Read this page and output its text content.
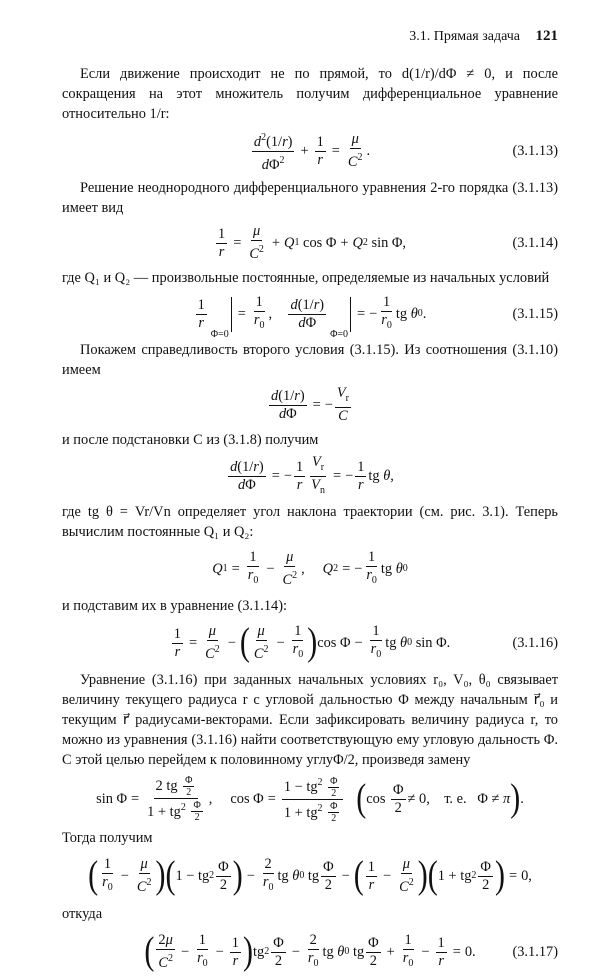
3.1. Прямая задача 121

Если движение происходит не по прямой, то d(1/r)/dΦ ≠ 0, и после сокращения на этот множитель получим дифференциальное уравнение относительно 1/r:

$\frac{d^2(1/r)}{d\Phi^2} + \frac{1}{r} = \frac{\mu}{C^2}$ .	(3.1.13)

Решение неоднородного дифференциального уравнения 2-го порядка (3.1.13) имеет вид

$\frac{1}{r} = \frac{\mu}{C^2} + Q$ 1 cos Φ + Q 2 sin Φ,	(3.1.14)

где Q₁ и Q₂ — произвольные постоянные, определяемые из начальных условий

$\frac{1}{r}$
Φ=0
= $\frac{1}{r_0}$ , $\frac{d(1/r)}{d\Phi}$
Φ=0
= − $\frac{1}{r_0}$ tg θ 0 .	(3.1.15)

Покажем справедливость второго условия (3.1.15). Из соотношения (3.1.10) имеем

$\frac{d(1/r)}{d\Phi}$ = − $\frac{V_r}{C}$

и после подстановки C из (3.1.8) получим

$\frac{d(1/r)}{d\Phi}$ = − $\frac{1}{r} \frac{V_r}{V_n}$ = − $\frac{1}{r}$ tg θ ,

где tg θ = Vr/Vn определяет угол наклона траектории (см. рис. 3.1). Теперь вычислим постоянные Q₁ и Q₂:

Q $1 = \frac{1}{r_0} - \frac{\mu}{C^2}$ , Q 2 = − $\frac{1}{r_0}$ tg θ 0

и подставим их в уравнение (3.1.14):

$\frac{1}{r} = \frac{\mu}{C^2}$ − ( $\frac{\mu}{C^2} - \frac{1}{r_0}$ ) $\cos \Phi - \frac{1}{r_0}$ tg θ 0 sin Φ.	(3.1.16)

Уравнение (3.1.16) при заданных начальных условиях r₀, V₀, θ₀ связывает величину текущего радиуса r с угловой дальностью Φ между начальным r⃗₀ и текущим r⃗ радиусами-векторами. Если зафиксировать величину радиуса r, то можно из уравнения (3.1.16) найти соответствующую ему угловую дальность Φ. С этой целью перейдем к половинному углуΦ/2, произведя замену

$\sin \Phi = \frac{2 tg \frac{\Phi}{2}}{1 + tg^2 \frac{\Phi}{2}}$ ,     $\cos \Phi = \frac{1 - tg^2 \frac{\Phi}{2}}{1 + tg^2 \frac{\Phi}{2}}$
( $\cos \frac{\Phi}{2} \ne 0$,    т. е.   Φ ≠ π ) .

Тогда получим

( $\frac{1}{r_0} - \frac{\mu}{C^2}$ ) ( 1 − tg $2 \frac{\Phi}{2}$ ) − $\frac{2}{r_0}$ tg θ 0 tg $\frac{\Phi}{2}$ − ( $\frac{1}{r} - \frac{\mu}{C^2}$ ) ( 1 + tg $2 \frac{\Phi}{2}$ ) = 0,

откуда

( $\frac{2\mu}{C^2} - \frac{1}{r_0} - \frac{1}{r}$ ) tg $2 \frac{\Phi}{2} - \frac{2}{r_0}$ tg θ 0 tg $\frac{\Phi}{2} + \frac{1}{r_0} - \frac{1}{r} = 0$.	(3.1.17)
